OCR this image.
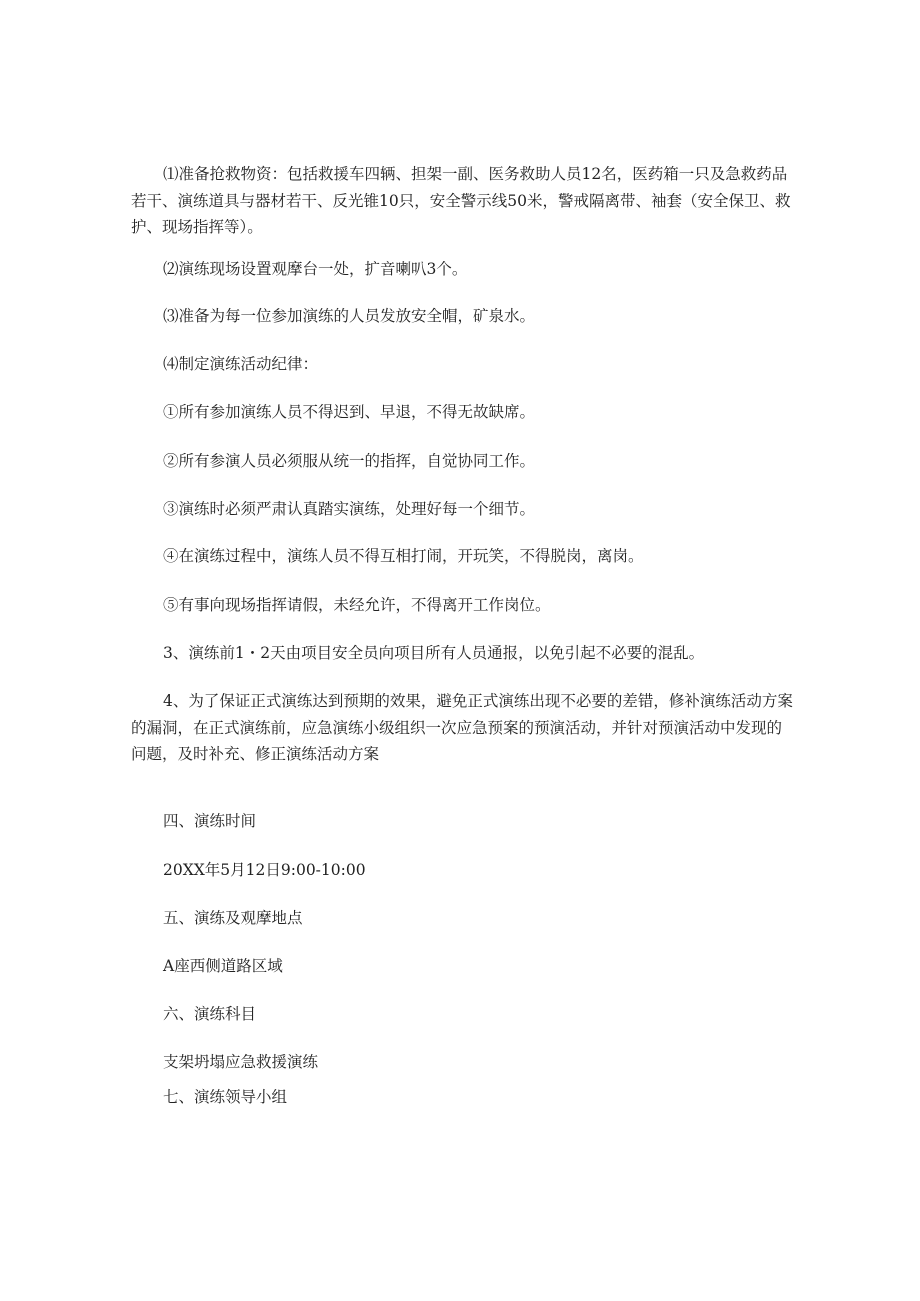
⑴准备抢救物资：包括救援车四辆、担架一副、医务救助人员12名，医药箱一只及急救药品若干、演练道具与器材若干、反光锥10只，安全警示线50米，警戒隔离带、袖套（安全保卫、救护、现场指挥等）。

⑵演练现场设置观摩台一处，扩音喇叭3个。

⑶准备为每一位参加演练的人员发放安全帽，矿泉水。

⑷制定演练活动纪律：

①所有参加演练人员不得迟到、早退，不得无故缺席。

②所有参演人员必须服从统一的指挥，自觉协同工作。

③演练时必须严肃认真踏实演练，处理好每一个细节。

④在演练过程中，演练人员不得互相打闹，开玩笑，不得脱岗，离岗。

⑤有事向现场指挥请假，未经允许，不得离开工作岗位。

3、演练前1・2天由项目安全员向项目所有人员通报，以免引起不必要的混乱。

4、为了保证正式演练达到预期的效果，避免正式演练出现不必要的差错，修补演练活动方案的漏洞，在正式演练前，应急演练小级组织一次应急预案的预演活动，并针对预演活动中发现的问题，及时补充、修正演练活动方案

四、演练时间

20XX年5月12日9:00-10:00

五、演练及观摩地点

A座西侧道路区域

六、演练科目

支架坍塌应急救援演练

七、演练领导小组
